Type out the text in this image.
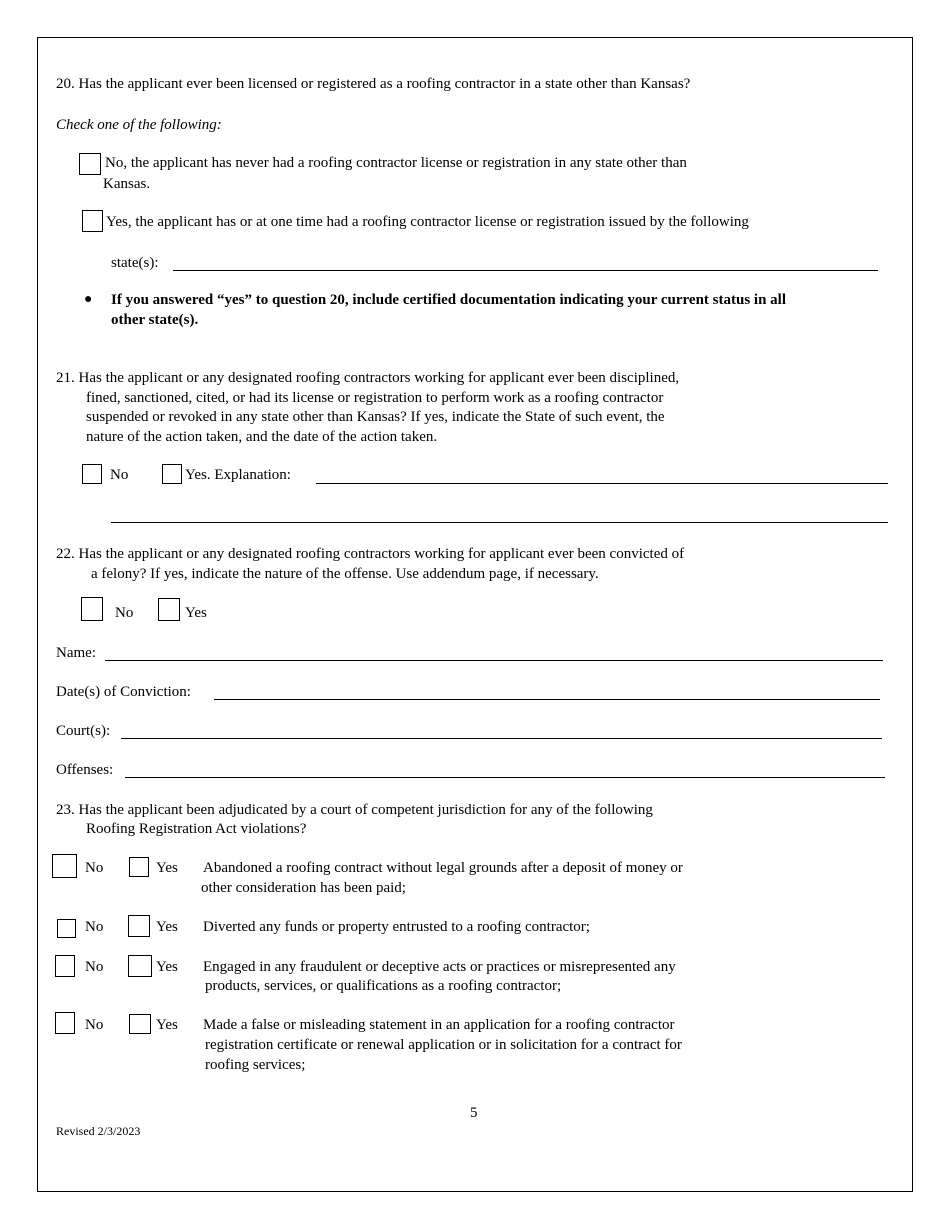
20. Has the applicant ever been licensed or registered as a roofing contractor in a state other than Kansas?
Check one of the following:
No, the applicant has never had a roofing contractor license or registration in any state other than
Kansas.
Yes, the applicant has or at one time had a roofing contractor license or registration issued by the following
state(s):
● If you answered “yes” to question 20, include certified documentation indicating your current status in all
other state(s).
21. Has the applicant or any designated roofing contractors working for applicant ever been disciplined,
fined, sanctioned, cited, or had its license or registration to perform work as a roofing contractor
suspended or revoked in any state other than Kansas? If yes, indicate the State of such event, the
nature of the action taken, and the date of the action taken.
No	Yes. Explanation:
22. Has the applicant or any designated roofing contractors working for applicant ever been convicted of
a felony? If yes, indicate the nature of the offense. Use addendum page, if necessary.
No	Yes
Name:
Date(s) of Conviction:
Court(s):
Offenses:
23. Has the applicant been adjudicated by a court of competent jurisdiction for any of the following
Roofing Registration Act violations?
No	Yes Abandoned a roofing contract without legal grounds after a deposit of money or
other consideration has been paid;
No	Yes Diverted any funds or property entrusted to a roofing contractor;
No	Yes Engaged in any fraudulent or deceptive acts or practices or misrepresented any
products, services, or qualifications as a roofing contractor;
No	Yes Made a false or misleading statement in an application for a roofing contractor
registration certificate or renewal application or in solicitation for a contract for
roofing services;
5
Revised 2/3/2023
